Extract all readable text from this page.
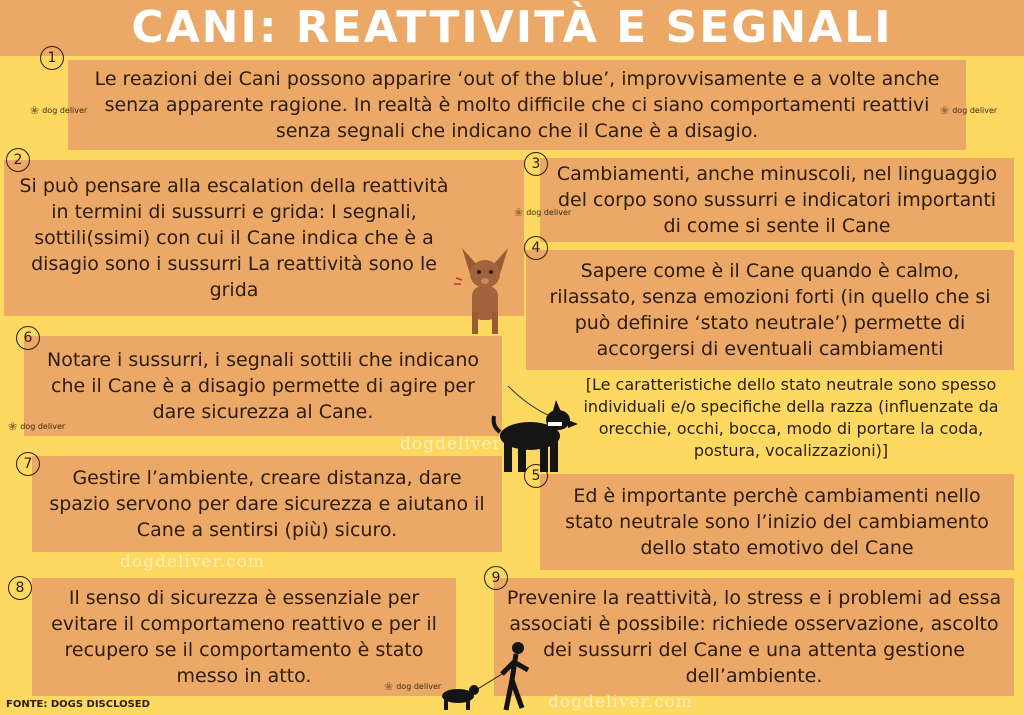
CANI: REATTIVITÀ E SEGNALI
Le reazioni dei Cani possono apparire ‘out of the blue’, improvvisamente e a volte anche senza apparente ragione. In realtà è molto difficile che ci siano comportamenti reattivi senza segnali che indicano che il Cane è a disagio.
1
Si può pensare alla escalation della reattività in termini di sussurri e grida: I segnali, sottili(ssimi) con cui il Cane indica che è a disagio sono i sussurri La reattività sono le grida
2
Cambiamenti, anche minuscoli, nel linguaggio del corpo sono sussurri e indicatori importanti di come si sente il Cane
3
Sapere come è il Cane quando è calmo, rilassato, senza emozioni forti (in quello che si può definire ‘stato neutrale’) permette di accorgersi di eventuali cambiamenti
4
Notare i sussurri, i segnali sottili che indicano che il Cane è a disagio permette di agire per dare sicurezza al Cane.
6
[Le caratteristiche dello stato neutrale sono spesso individuali e/o specifiche della razza (influenzate da orecchie, occhi, bocca, modo di portare la coda, postura, vocalizzazioni)]
Gestire l’ambiente, creare distanza, dare spazio servono per dare sicurezza e aiutano il Cane a sentirsi (più) sicuro.
7
Ed è importante perchè cambiamenti nello stato neutrale sono l’inizio del cambiamento dello stato emotivo del Cane
5
Il senso di sicurezza è essenziale per evitare il comportameno reattivo e per il recupero se il comportamento è stato messo in atto.
8	Prevenire la reattività, lo stress e i problemi ad essa associati è possibile: richiede osservazione, ascolto dei sussurri del Cane e una attenta gestione dell’ambiente.
9
❀ dog deliver	❀ dog deliver
❀ dog deliver
❀ dog deliver
❀ dog deliver
dogdeliver
dogdeliver.com
dogdeliver.com
FONTE: DOGS DISCLOSED
